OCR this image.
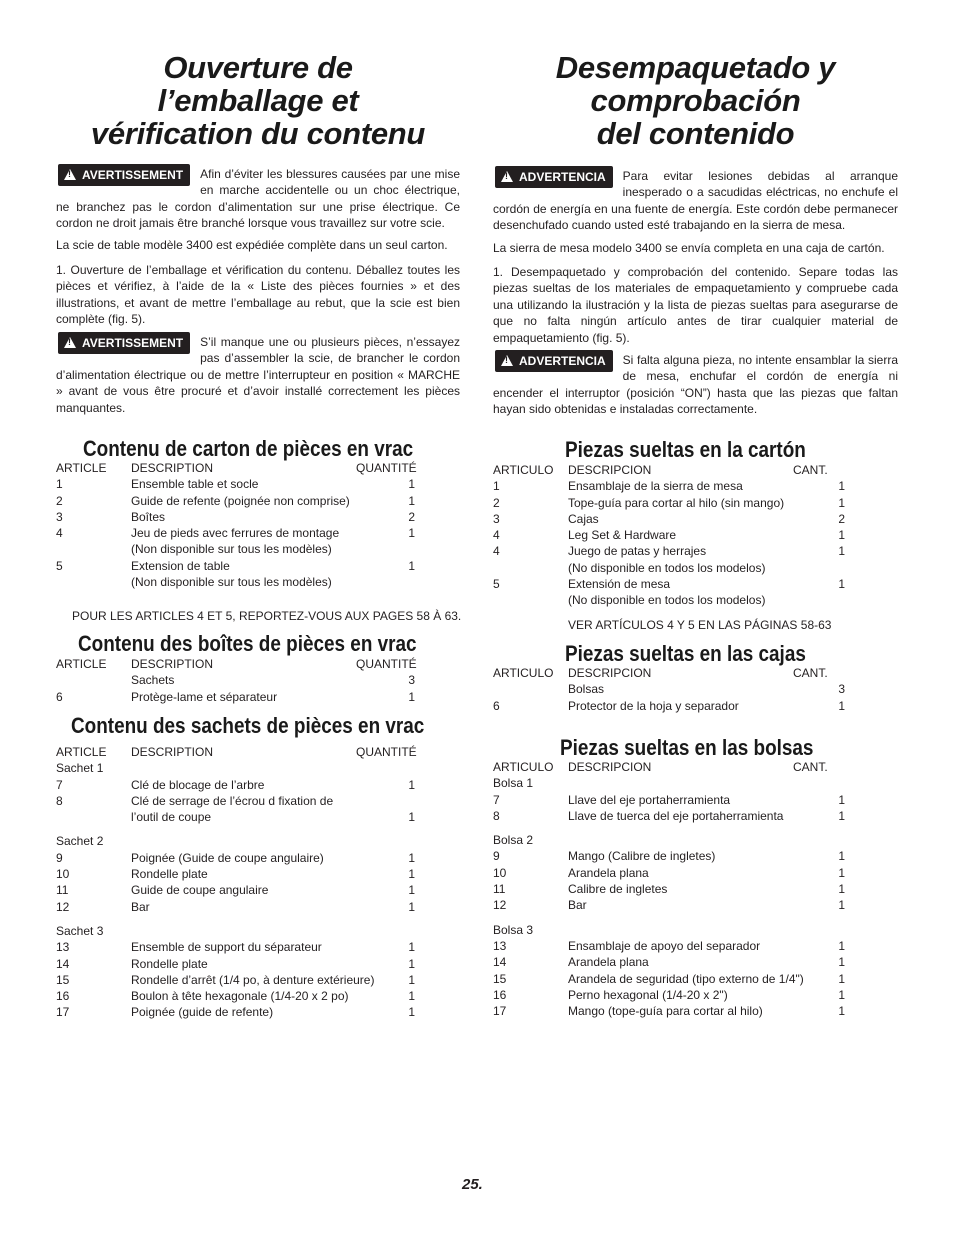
Ouverture de
l’emballage et
vérification du contenu

!AVERTISSEMENT	Afin d’éviter les blessures causées par une mise en marche accidentelle ou un choc électrique, ne branchez pas le cordon d’alimentation sur une prise électrique. Ce cordon ne droit jamais être branché lorsque vous travaillez sur votre scie.

La scie de table modèle 3400 est expédiée complète dans un seul carton.

1. Ouverture de l’emballage et vérification du contenu. Déballez toutes les pièces et vérifiez, à l’aide de la « Liste des pièces fournies » et des illustrations, et avant de mettre l’emballage au rebut, que la scie est bien complète (fig. 5).

!AVERTISSEMENT	S’il manque une ou plusieurs pièces, n’essayez pas d’assembler la scie, de brancher le cordon d’alimentation électrique ou de mettre l’interrupteur en position « MARCHE » avant de vous être procuré et d’avoir installé correctement les pièces manquantes.

Contenu de carton de pièces en vrac
ARTICLE DESCRIPTION	QUANTITÉ
1	Ensemble table et socle	1
2	Guide de refente (poignée non comprise)	1
3	Boîtes	2
4	Jeu de pieds avec ferrures de montage	1
(Non disponible sur tous les modèles)
5	Extension de table	1
(Non disponible sur tous les modèles)
POUR LES ARTICLES 4 ET 5, REPORTEZ-VOUS AUX PAGES 58 À 63.
Contenu des boîtes de pièces en vrac
ARTICLE DESCRIPTION	QUANTITÉ
Sachets	3
6	Protège-lame et séparateur	1
Contenu des sachets de pièces en vrac
ARTICLE DESCRIPTION	QUANTITÉ
Sachet 1
7	Clé de blocage de l’arbre	1
8	Clé de serrage de l’écrou d fixation de
l’outil de coupe	1
Sachet 2
9	Poignée (Guide de coupe angulaire)	1
10	Rondelle plate	1
11	Guide de coupe angulaire	1
12	Bar	1
Sachet 3
13	Ensemble de support du séparateur	1
14	Rondelle plate	1
15	Rondelle d’arrêt (1/4 po, à denture extérieure)	1
16	Boulon à tête hexagonale (1/4-20 x 2 po)	1
17	Poignée (guide de refente)	1
Desempaquetado y
comprobación
del contenido

!ADVERTENCIA	Para evitar lesiones debidas al arranque inesperado o a sacudidas eléctricas, no enchufe el cordón de energía en una fuente de energía. Este cordón debe permanecer desenchufado cuando usted esté trabajando en la sierra de mesa.

La sierra de mesa modelo 3400 se envía completa en una caja de cartón.

1. Desempaquetado y comprobación del contenido. Separe todas las piezas sueltas de los materiales de empaquetamiento y compruebe cada una utilizando la ilustración y la lista de piezas sueltas para asegurarse de que no falta ningún artículo antes de tirar cualquier material de empaquetamiento (fig. 5).

!ADVERTENCIA	Si falta alguna pieza, no intente ensamblar la sierra de mesa, enchufar el cordón de energía ni encender el interruptor (posición “ON”) hasta que las piezas que faltan hayan sido obtenidas e instaladas correctamente.

Piezas sueltas en la cartón
ARTICULO DESCRIPCION	CANT.
1	Ensamblaje de la sierra de mesa	1
2	Tope-guía para cortar al hilo (sin mango)	1
3	Cajas	2
4	Leg Set & Hardware	1
4	Juego de patas y herrajes	1
(No disponible en todos los modelos)
5	Extensión de mesa	1
(No disponible en todos los modelos)
VER ARTÍCULOS 4 Y 5 EN LAS PÁGINAS 58-63
Piezas sueltas en las cajas
ARTICULO DESCRIPCION	CANT.
Bolsas	3
6	Protector de la hoja y separador	1
Piezas sueltas en las bolsas
ARTICULO DESCRIPCION	CANT.
Bolsa 1
7	Llave del eje portaherramienta	1
8	Llave de tuerca del eje portaherramienta	1
Bolsa 2
9	Mango (Calibre de ingletes)	1
10	Arandela plana	1
11	Calibre de ingletes	1
12	Bar	1
Bolsa 3
13	Ensamblaje de apoyo del separador	1
14	Arandela plana	1
15	Arandela de seguridad (tipo externo de 1/4")	1
16	Perno hexagonal (1/4-20 x 2")	1
17	Mango (tope-guía para cortar al hilo)	1
25.
